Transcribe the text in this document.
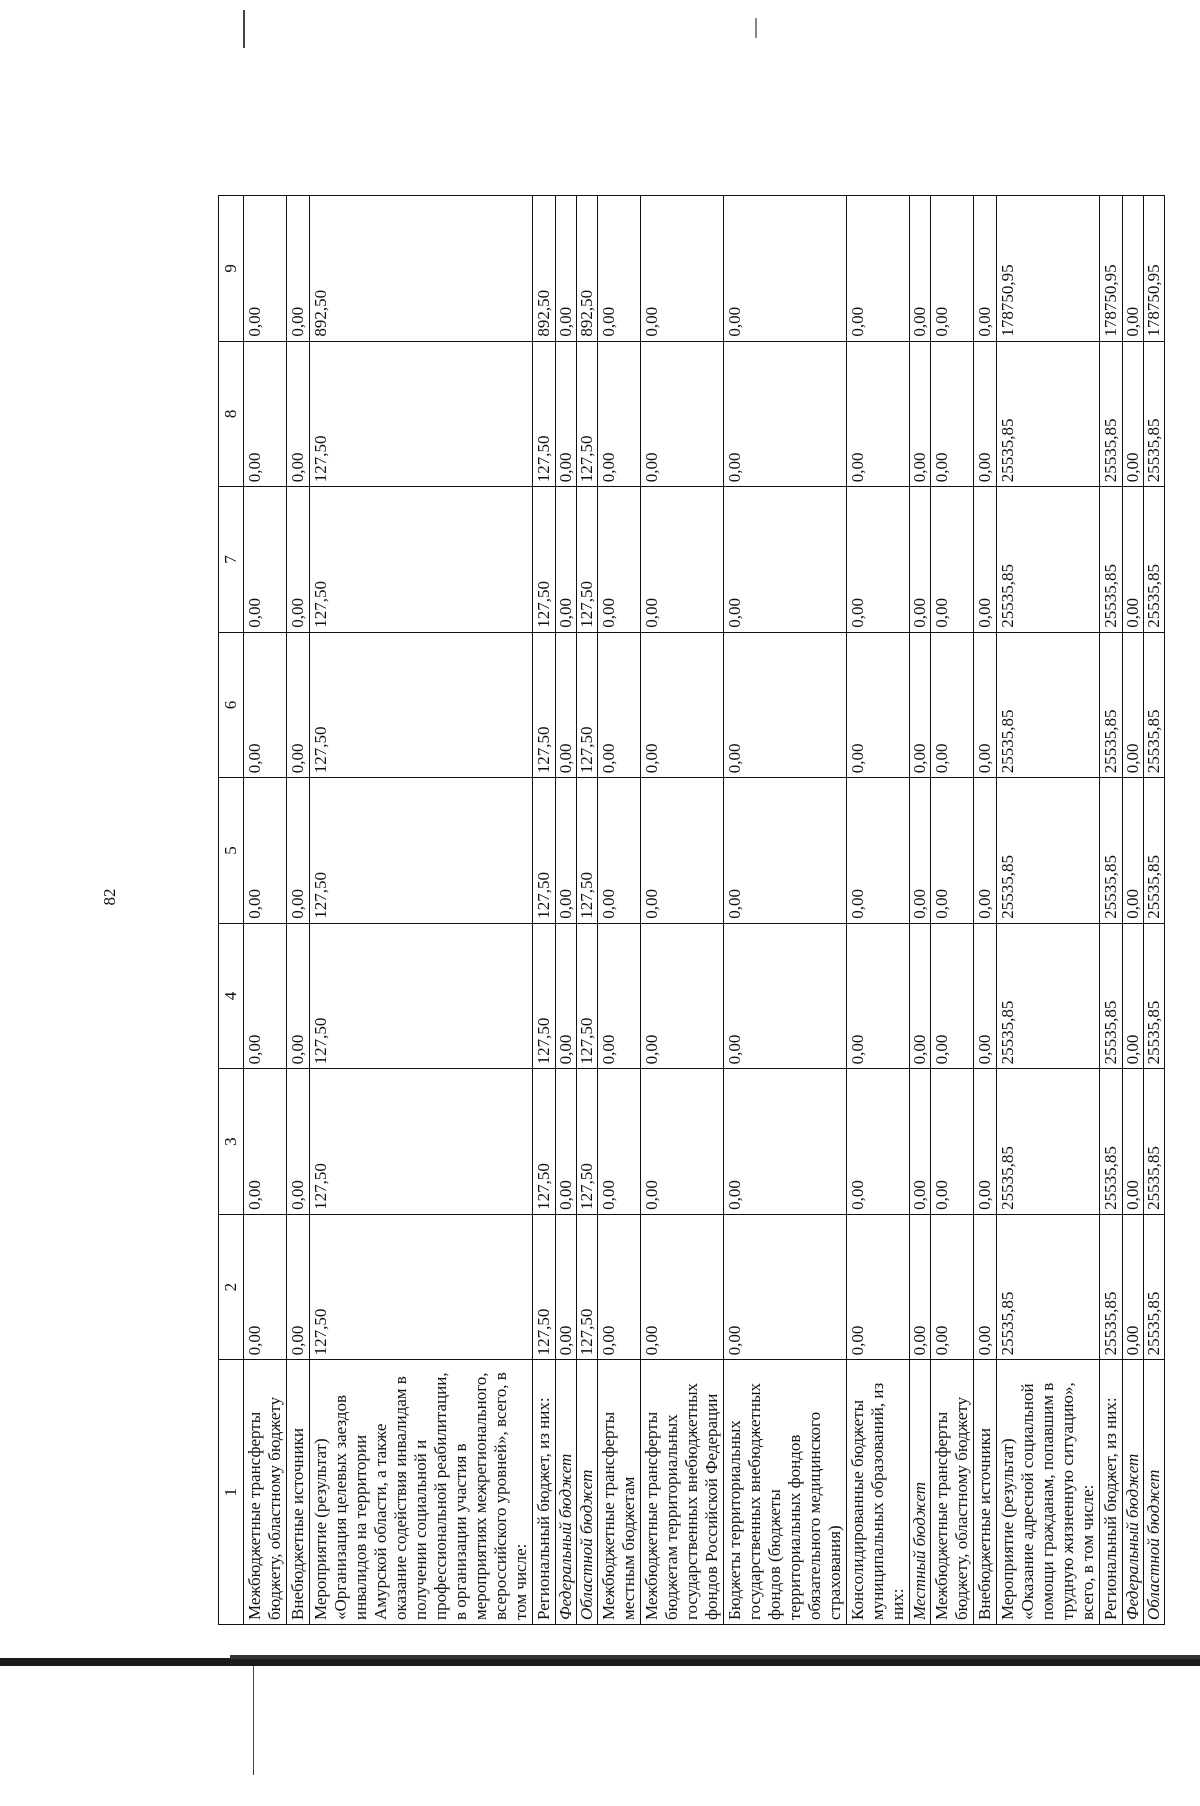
82
1	2	3	4	5	6	7	8	9
Межбюджетные трансферты бюджету, областному бюджету	0,00	0,00	0,00	0,00	0,00	0,00	0,00	0,00
Внебюджетные источники	0,00	0,00	0,00	0,00	0,00	0,00	0,00	0,00
Мероприятие (результат) «Организация целевых заездов инвалидов на территории Амурской области, а также оказание содействия инвалидам в получении социальной и профессиональной реабилитации, в организации участия в мероприятиях межрегионального, всероссийского уровней», всего, в том числе:	127,50	127,50	127,50	127,50	127,50	127,50	127,50	892,50
Региональный бюджет, из них:	127,50	127,50	127,50	127,50	127,50	127,50	127,50	892,50
Федеральный бюджет	0,00	0,00	0,00	0,00	0,00	0,00	0,00	0,00
Областной бюджет	127,50	127,50	127,50	127,50	127,50	127,50	127,50	892,50
Межбюджетные трансферты местным бюджетам	0,00	0,00	0,00	0,00	0,00	0,00	0,00	0,00
Межбюджетные трансферты бюджетам территориальных государственных внебюджетных фондов Российской Федерации	0,00	0,00	0,00	0,00	0,00	0,00	0,00	0,00
Бюджеты территориальных государственных внебюджетных фондов (бюджеты территориальных фондов обязательного медицинского страхования)	0,00	0,00	0,00	0,00	0,00	0,00	0,00	0,00
Консолидированные бюджеты муниципальных образований, из них:	0,00	0,00	0,00	0,00	0,00	0,00	0,00	0,00
Местный бюджет	0,00	0,00	0,00	0,00	0,00	0,00	0,00	0,00
Межбюджетные трансферты бюджету, областному бюджету	0,00	0,00	0,00	0,00	0,00	0,00	0,00	0,00
Внебюджетные источники	0,00	0,00	0,00	0,00	0,00	0,00	0,00	0,00
Мероприятие (результат) «Оказание адресной социальной помощи гражданам, попавшим в трудную жизненную ситуацию», всего, в том числе:	25535,85	25535,85	25535,85	25535,85	25535,85	25535,85	25535,85	178750,95
Региональный бюджет, из них:	25535,85	25535,85	25535,85	25535,85	25535,85	25535,85	25535,85	178750,95
Федеральный бюджет	0,00	0,00	0,00	0,00	0,00	0,00	0,00	0,00
Областной бюджет	25535,85	25535,85	25535,85	25535,85	25535,85	25535,85	25535,85	178750,95
